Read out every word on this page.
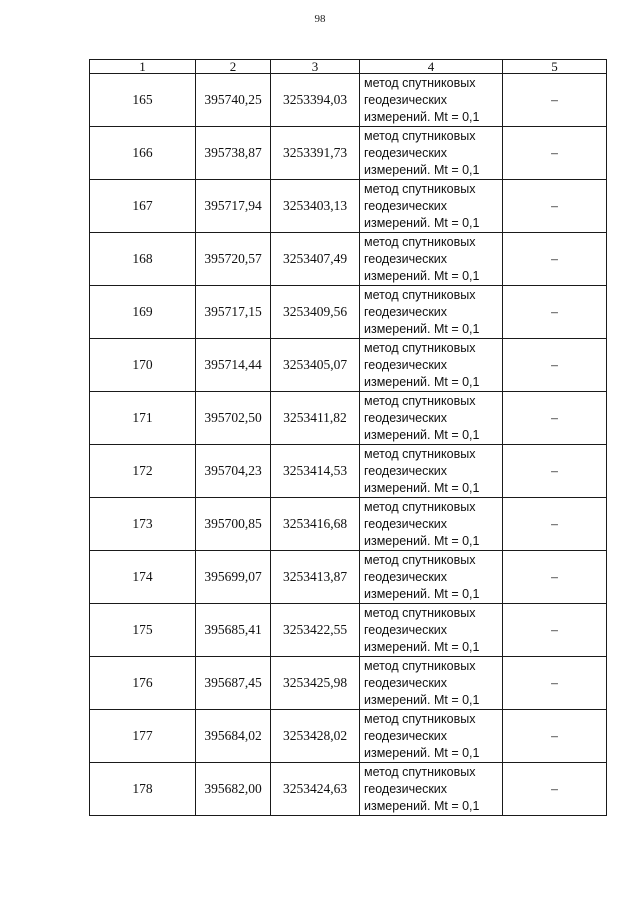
98
1	2	3	4	5
165	395740,25	3253394,03	метод спутниковых
геодезических
измерений. Mt = 0,1	–
166	395738,87	3253391,73	метод спутниковых
геодезических
измерений. Mt = 0,1	–
167	395717,94	3253403,13	метод спутниковых
геодезических
измерений. Mt = 0,1	–
168	395720,57	3253407,49	метод спутниковых
геодезических
измерений. Mt = 0,1	–
169	395717,15	3253409,56	метод спутниковых
геодезических
измерений. Mt = 0,1	–
170	395714,44	3253405,07	метод спутниковых
геодезических
измерений. Mt = 0,1	–
171	395702,50	3253411,82	метод спутниковых
геодезических
измерений. Mt = 0,1	–
172	395704,23	3253414,53	метод спутниковых
геодезических
измерений. Mt = 0,1	–
173	395700,85	3253416,68	метод спутниковых
геодезических
измерений. Mt = 0,1	–
174	395699,07	3253413,87	метод спутниковых
геодезических
измерений. Mt = 0,1	–
175	395685,41	3253422,55	метод спутниковых
геодезических
измерений. Mt = 0,1	–
176	395687,45	3253425,98	метод спутниковых
геодезических
измерений. Mt = 0,1	–
177	395684,02	3253428,02	метод спутниковых
геодезических
измерений. Mt = 0,1	–
178	395682,00	3253424,63	метод спутниковых
геодезических
измерений. Mt = 0,1	–
